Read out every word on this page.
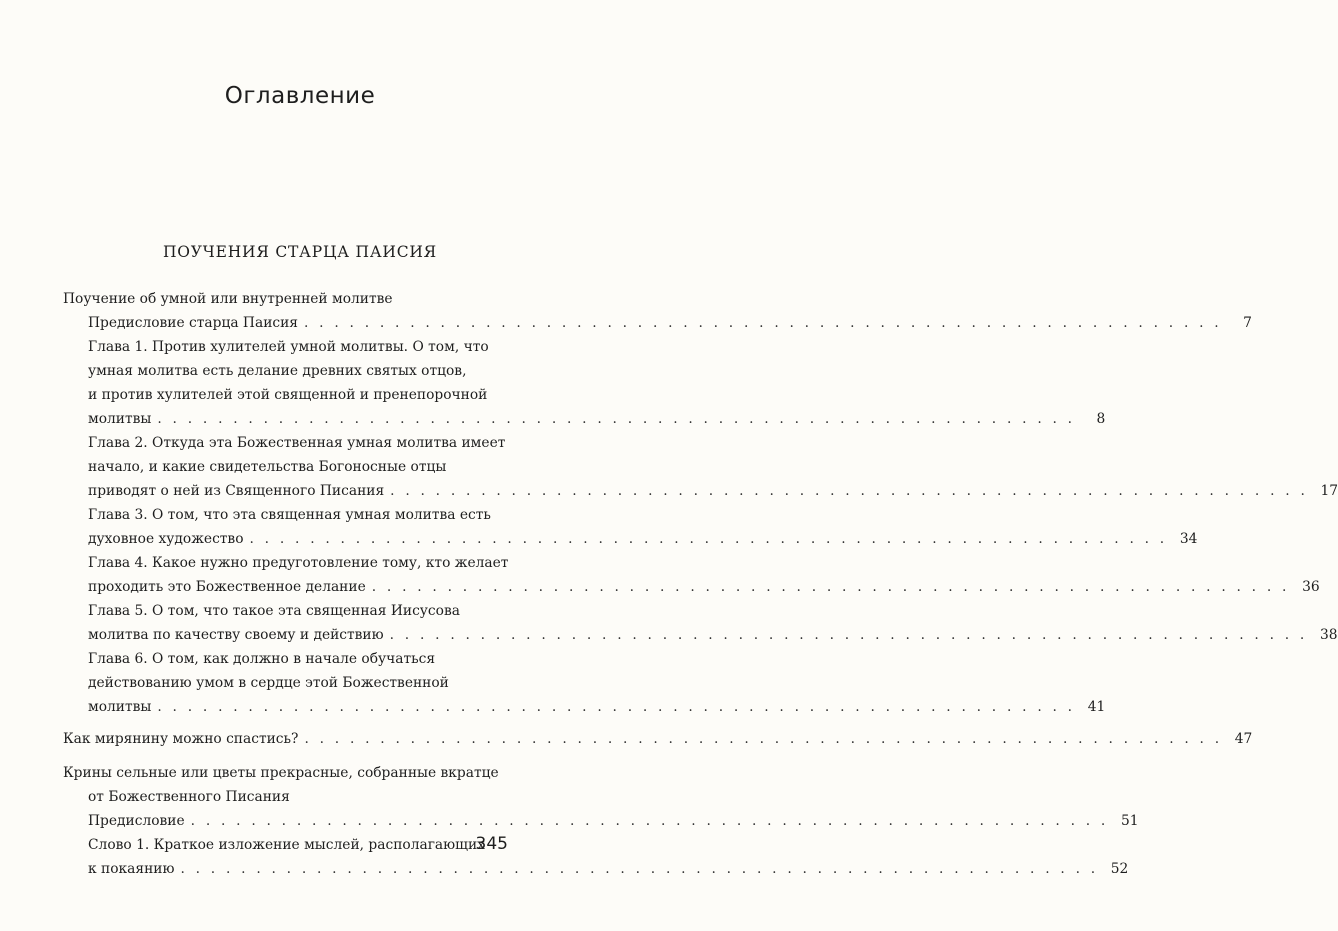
Оглавление
ПОУЧЕНИЯ СТАРЦА ПАИСИЯ
Поучение об умной или внутренней молитве
Предисловие старца Паисия . . . . . . . . . . . . . . . . . . . . . . . . . . . . . . . . . . . . . . . . . . . . . . . . . . . . . . . . . . . . .	7
Глава 1. Против хулителей умной молитвы. О том, что
умная молитва есть делание древних святых отцов,
и против хулителей этой священной и пренепорочной
молитвы . . . . . . . . . . . . . . . . . . . . . . . . . . . . . . . . . . . . . . . . . . . . . . . . . . . . . . . . . . . . .	8
Глава 2. Откуда эта Божественная умная молитва имеет
начало, и какие свидетельства Богоносные отцы
приводят о ней из Священного Писания . . . . . . . . . . . . . . . . . . . . . . . . . . . . . . . . . . . . . . . . . . . . . . . . . . . . . . . . . . . . . 17
Глава 3. О том, что эта священная умная молитва есть
духовное художество . . . . . . . . . . . . . . . . . . . . . . . . . . . . . . . . . . . . . . . . . . . . . . . . . . . . . . . . . . . . . 34
Глава 4. Какое нужно предуготовление тому, кто желает
проходить это Божественное делание . . . . . . . . . . . . . . . . . . . . . . . . . . . . . . . . . . . . . . . . . . . . . . . . . . . . . . . . . . . . . 36
Глава 5. О том, что такое эта священная Иисусова
молитва по качеству своему и действию . . . . . . . . . . . . . . . . . . . . . . . . . . . . . . . . . . . . . . . . . . . . . . . . . . . . . . . . . . . . . 38
Глава 6. О том, как должно в начале обучаться
действованию умом в сердце этой Божественной
молитвы . . . . . . . . . . . . . . . . . . . . . . . . . . . . . . . . . . . . . . . . . . . . . . . . . . . . . . . . . . . . . 41
Как мирянину можно спастись? . . . . . . . . . . . . . . . . . . . . . . . . . . . . . . . . . . . . . . . . . . . . . . . . . . . . . . . . . . . . . 47
Крины сельные или цветы прекрасные, собранные вкратце
от Божественного Писания
Предисловие . . . . . . . . . . . . . . . . . . . . . . . . . . . . . . . . . . . . . . . . . . . . . . . . . . . . . . . . . . . . . 51
Слово 1. Краткое изложение мыслей, располагающих
к покаянию . . . . . . . . . . . . . . . . . . . . . . . . . . . . . . . . . . . . . . . . . . . . . . . . . . . . . . . . . . . . . 52
345
